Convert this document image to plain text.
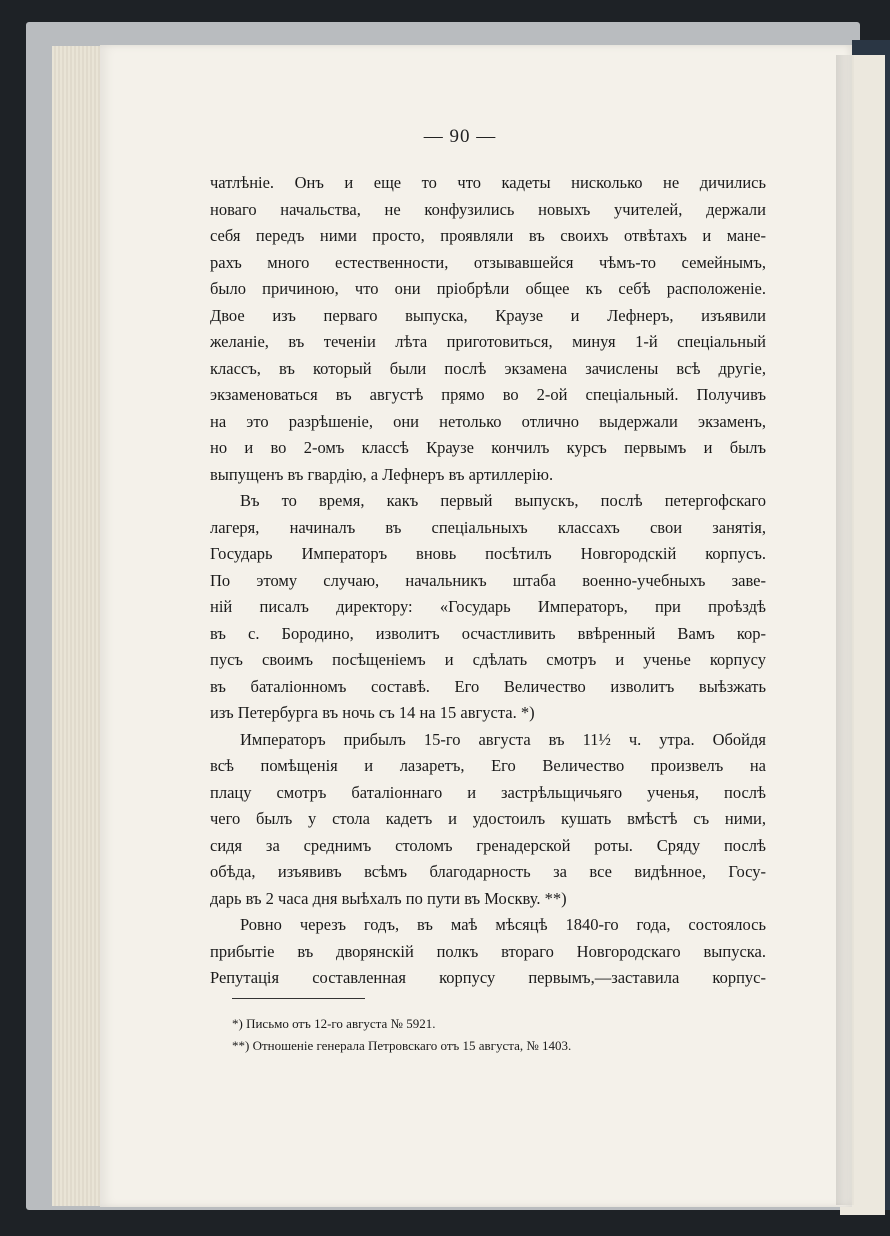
— 90 —
чатлѣніе. Онъ и еще то что кадеты нисколько не дичились
новаго начальства, не конфузились новыхъ учителей, держали
себя передъ ними просто, проявляли въ своихъ отвѣтахъ и мане-
рахъ много естественности, отзывавшейся чѣмъ-то семейнымъ,
было причиною, что они пріобрѣли общее къ себѣ расположеніе.
Двое изъ перваго выпуска, Краузе и Лефнеръ, изъявили
желаніе, въ теченіи лѣта приготовиться, минуя 1-й спеціальный
классъ, въ который были послѣ экзамена зачислены всѣ другіе,
экзаменоваться въ августѣ прямо во 2-ой спеціальный. Получивъ
на это разрѣшеніе, они нетолько отлично выдержали экзаменъ,
но и во 2-омъ классѣ Краузе кончилъ курсъ первымъ и былъ
выпущенъ въ гвардію, а Лефнеръ въ артиллерію.
Въ то время, какъ первый выпускъ, послѣ петергофскаго
лагеря, начиналъ въ спеціальныхъ классахъ свои занятія,
Государь Императоръ вновь посѣтилъ Новгородскій корпусъ.
По этому случаю, начальникъ штаба военно-учебныхъ заве-
ній писалъ директору: «Государь Императоръ, при проѣздѣ
въ с. Бородино, изволитъ осчастливить ввѣренный Вамъ кор-
пусъ своимъ посѣщеніемъ и сдѣлать смотръ и ученье корпусу
въ баталіонномъ составѣ. Его Величество изволитъ выѣзжать
изъ Петербурга въ ночь съ 14 на 15 августа. *)
Императоръ прибылъ 15-го августа въ 11½ ч. утра. Обойдя
всѣ помѣщенія и лазаретъ, Его Величество произвелъ на
плацу смотръ баталіоннаго и застрѣльщичьяго ученья, послѣ
чего былъ у стола кадетъ и удостоилъ кушать вмѣстѣ съ ними,
сидя за среднимъ столомъ гренадерской роты. Сряду послѣ
обѣда, изъявивъ всѣмъ благодарность за все видѣнное, Госу-
дарь въ 2 часа дня выѣхалъ по пути въ Москву. **)
Ровно черезъ годъ, въ маѣ мѣсяцѣ 1840-го года, состоялось
прибытіе въ дворянскій полкъ втораго Новгородскаго выпуска.
Репутація составленная корпусу первымъ,—заставила корпус-
*) Письмо отъ 12-го августа № 5921.
**) Отношеніе генерала Петровскаго отъ 15 августа, № 1403.
